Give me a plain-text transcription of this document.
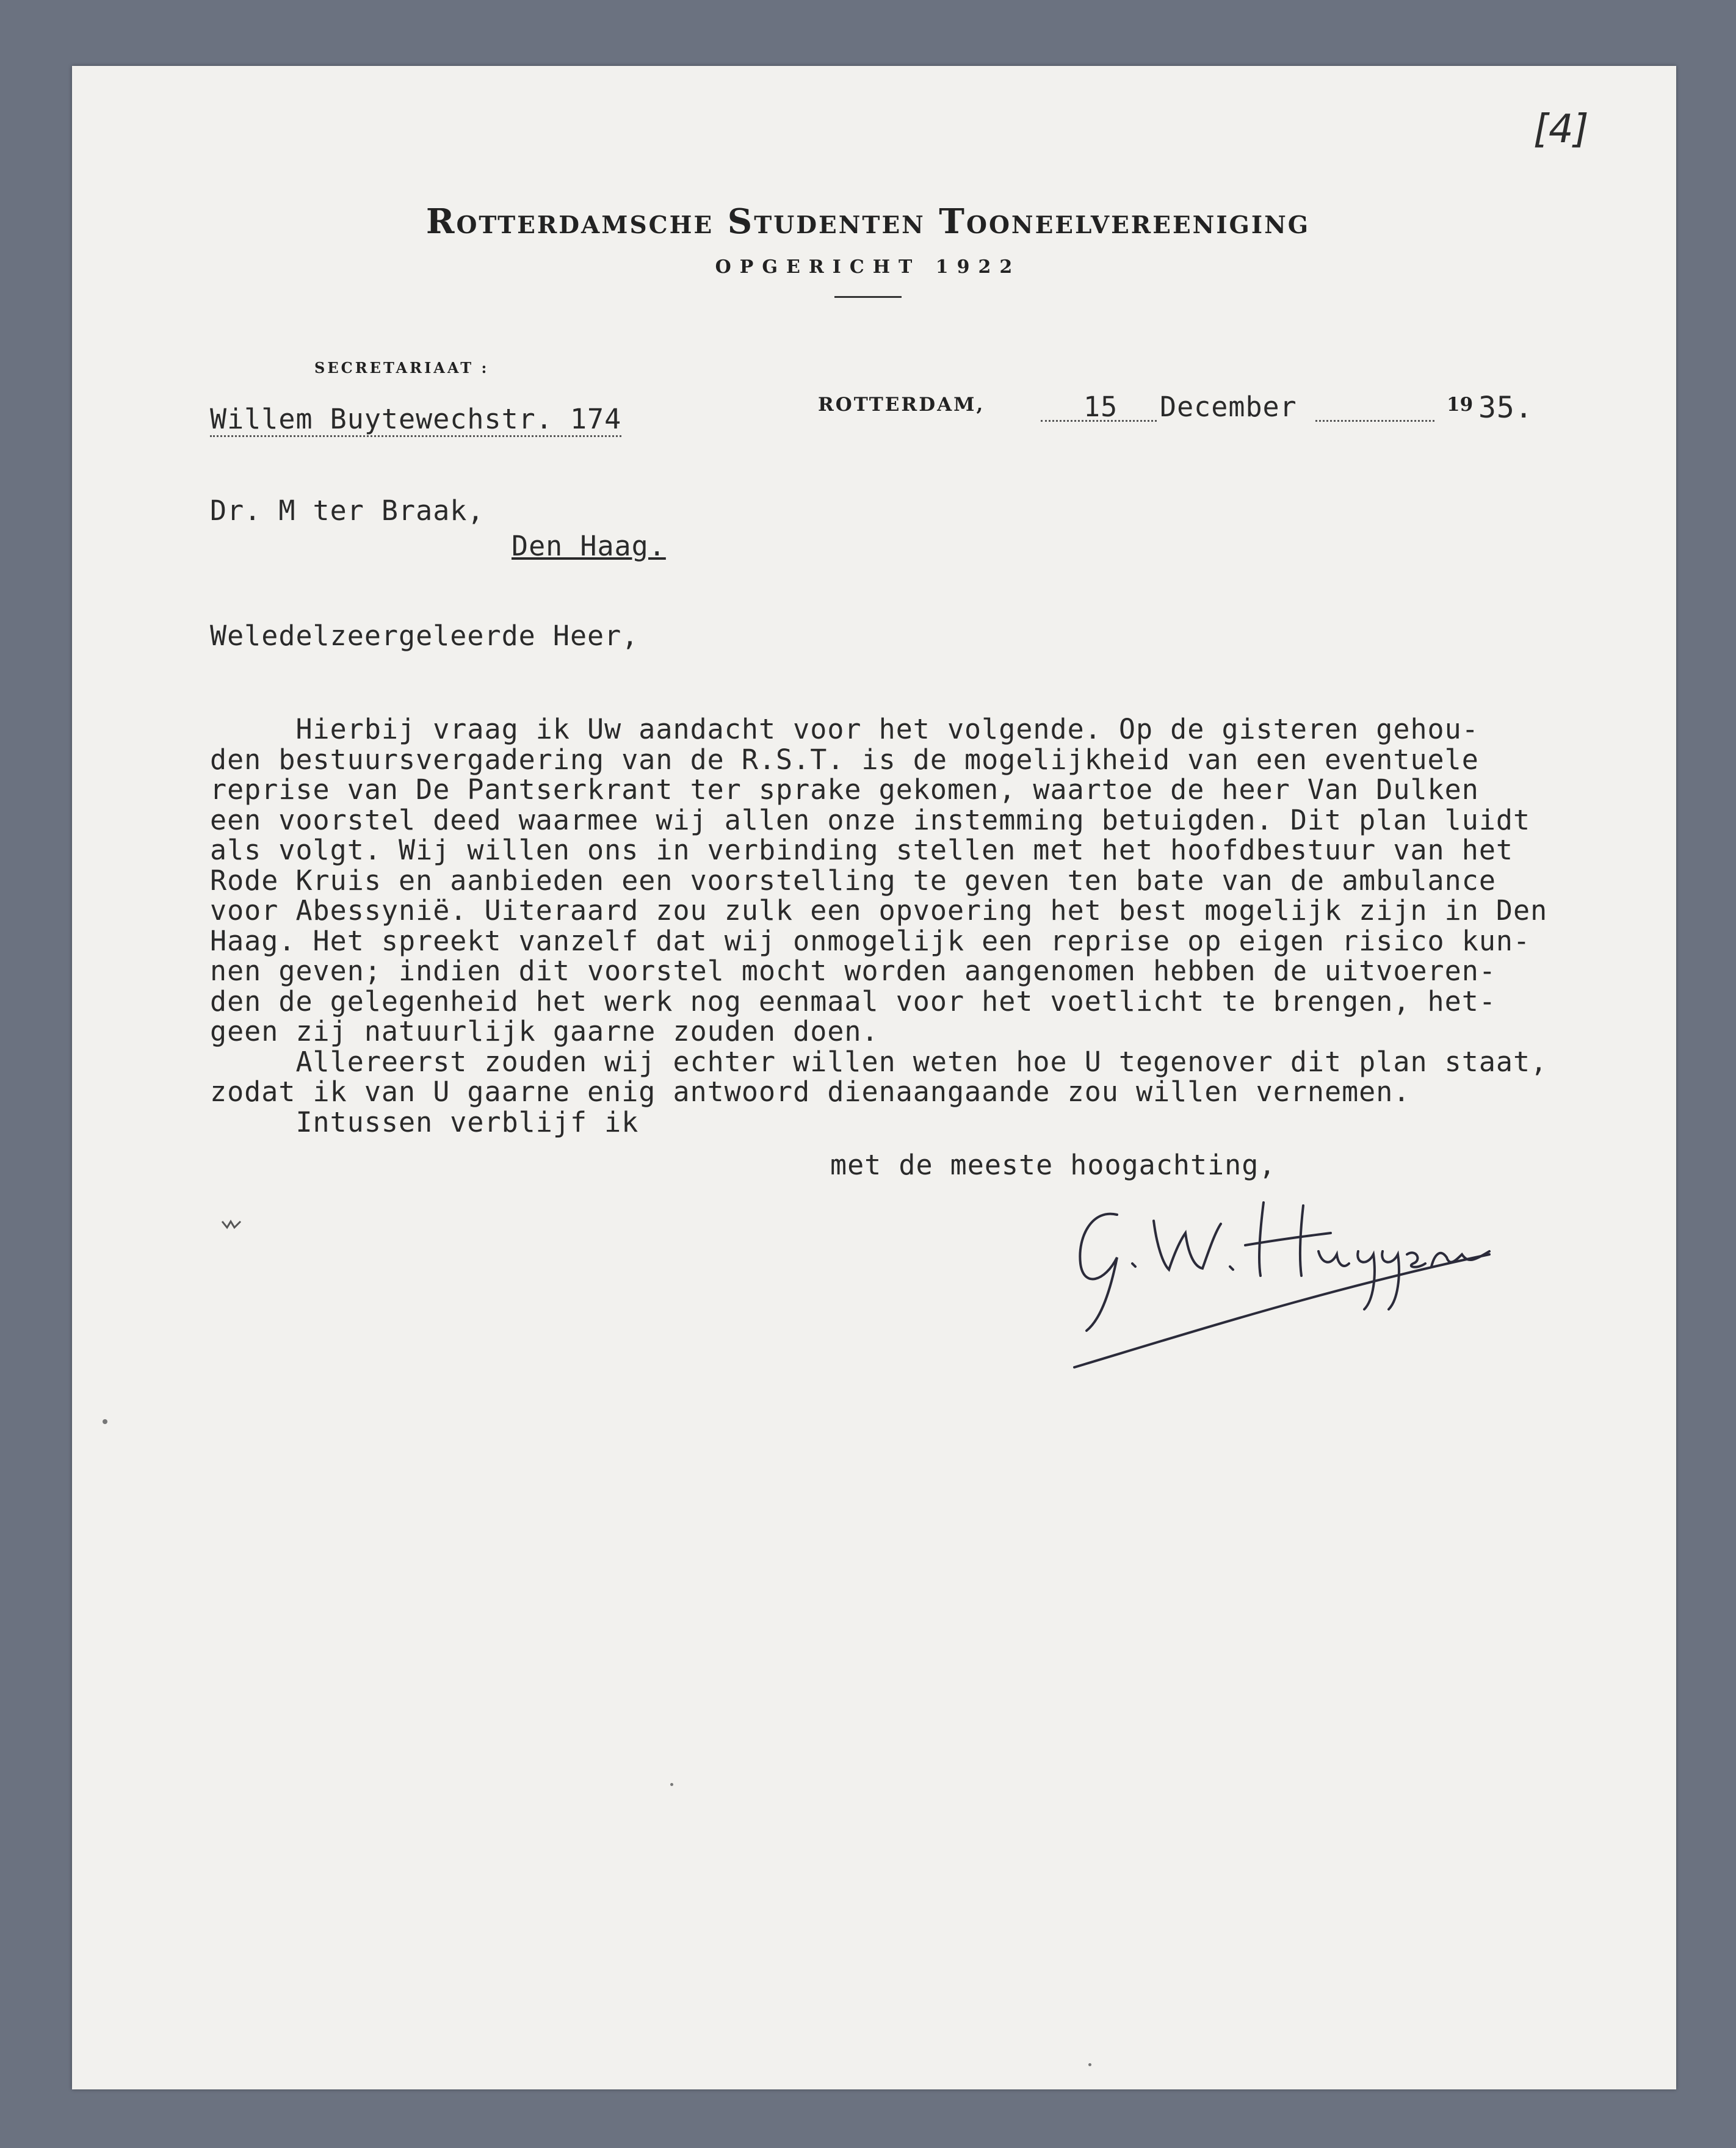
[4]
Rotterdamsche Studenten Tooneelvereeniging
OPGERICHT 1922
SECRETARIAAT :
Willem Buytewechstr. 174	ROTTERDAM,	15 December	19 35.
Dr. M ter Braak,
Den Haag.
Weledelzeergeleerde Heer,
Hierbij vraag ik Uw aandacht voor het volgende. Op de gisteren gehou-
den bestuursvergadering van de R.S.T. is de mogelijkheid van een eventuele
reprise van De Pantserkrant ter sprake gekomen, waartoe de heer Van Dulken
een voorstel deed waarmee wij allen onze instemming betuigden. Dit plan luidt
als volgt. Wij willen ons in verbinding stellen met het hoofdbestuur van het
Rode Kruis en aanbieden een voorstelling te geven ten bate van de ambulance
voor Abessynië. Uiteraard zou zulk een opvoering het best mogelijk zijn in Den
Haag. Het spreekt vanzelf dat wij onmogelijk een reprise op eigen risico kun-
nen geven; indien dit voorstel mocht worden aangenomen hebben de uitvoeren-
den de gelegenheid het werk nog eenmaal voor het voetlicht te brengen, het-
geen zij natuurlijk gaarne zouden doen.
Allereerst zouden wij echter willen weten hoe U tegenover dit plan staat,
zodat ik van U gaarne enig antwoord dienaangaande zou willen vernemen.
Intussen verblijf ik
met de meeste hoogachting,
